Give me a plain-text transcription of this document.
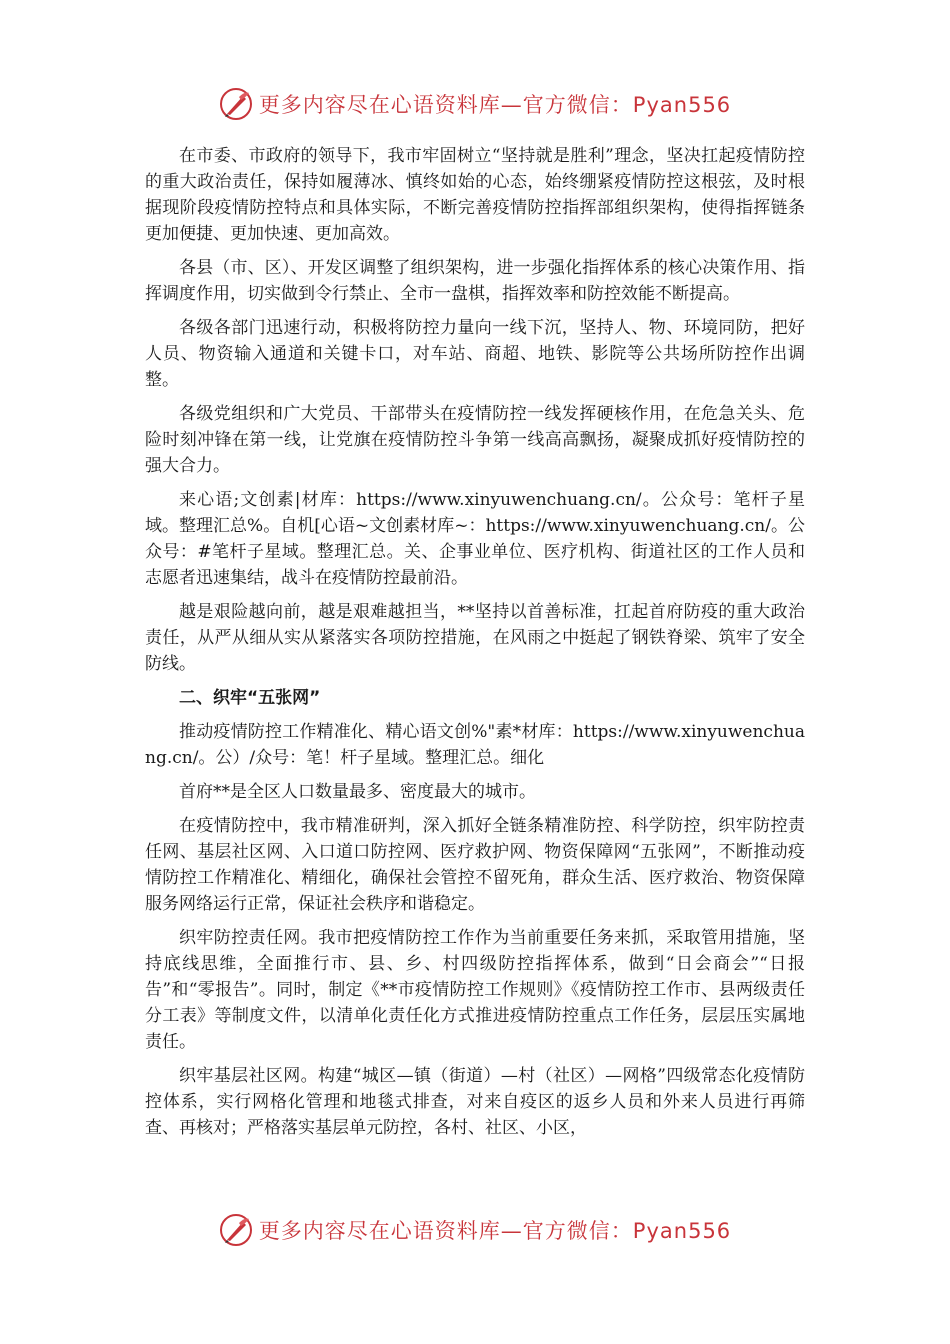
更多内容尽在心语资料库—官方微信：Pyan556

在市委、市政府的领导下，我市牢固树立“坚持就是胜利”理念，坚决扛起疫情防控的重大政治责任，保持如履薄冰、慎终如始的心态，始终绷紧疫情防控这根弦，及时根据现阶段疫情防控特点和具体实际，不断完善疫情防控指挥部组织架构，使得指挥链条更加便捷、更加快速、更加高效。

各县（市、区）、开发区调整了组织架构，进一步强化指挥体系的核心决策作用、指挥调度作用，切实做到令行禁止、全市一盘棋，指挥效率和防控效能不断提高。

各级各部门迅速行动，积极将防控力量向一线下沉，坚持人、物、环境同防，把好人员、物资输入通道和关键卡口，对车站、商超、地铁、影院等公共场所防控作出调整。

各级党组织和广大党员、干部带头在疫情防控一线发挥硬核作用，在危急关头、危险时刻冲锋在第一线，让党旗在疫情防控斗争第一线高高飘扬，凝聚成抓好疫情防控的强大合力。

来心语;文创素|材库：https://www.xinyuwenchuang.cn/。公众号：笔杆子星域。整理汇总%。自机[心语~文创素材库~：https://www.xinyuwenchuang.cn/。公众号：#笔杆子星域。整理汇总。关、企事业单位、医疗机构、街道社区的工作人员和志愿者迅速集结，战斗在疫情防控最前沿。

越是艰险越向前，越是艰难越担当，**坚持以首善标准，扛起首府防疫的重大政治责任，从严从细从实从紧落实各项防控措施，在风雨之中挺起了钢铁脊梁、筑牢了安全防线。

二、织牢“五张网”

推动疫情防控工作精准化、精心语文创%"素*材库：https://www.xinyuwenchuang.cn/。公）/众号：笔！杆子星域。整理汇总。细化

首府**是全区人口数量最多、密度最大的城市。

在疫情防控中，我市精准研判，深入抓好全链条精准防控、科学防控，织牢防控责任网、基层社区网、入口道口防控网、医疗救护网、物资保障网“五张网”，不断推动疫情防控工作精准化、精细化，确保社会管控不留死角，群众生活、医疗救治、物资保障服务网络运行正常，保证社会秩序和谐稳定。

织牢防控责任网。我市把疫情防控工作作为当前重要任务来抓，采取管用措施，坚持底线思维，全面推行市、县、乡、村四级防控指挥体系，做到“日会商会”“日报告”和“零报告”。同时，制定《**市疫情防控工作规则》《疫情防控工作市、县两级责任分工表》等制度文件，以清单化责任化方式推进疫情防控重点工作任务，层层压实属地责任。

织牢基层社区网。构建“城区—镇（街道）—村（社区）—网格”四级常态化疫情防控体系，实行网格化管理和地毯式排查，对来自疫区的返乡人员和外来人员进行再筛查、再核对；严格落实基层单元防控，各村、社区、小区，

更多内容尽在心语资料库—官方微信：Pyan556
